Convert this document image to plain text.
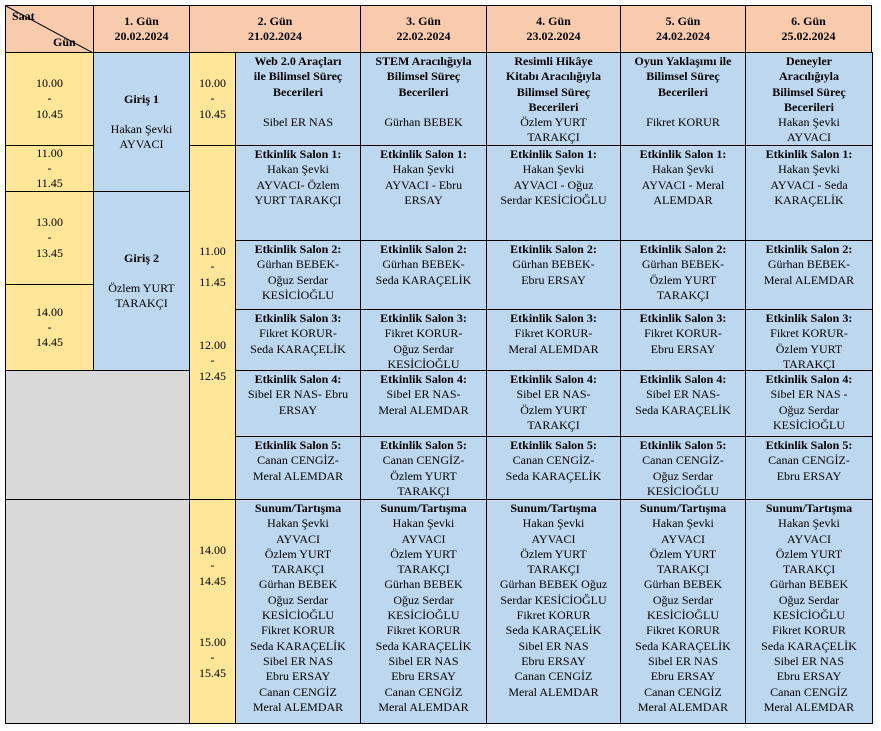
Saat
Gün
1. Gün
20.02.2024
2. Gün
21.02.2024
3. Gün
22.02.2024
4. Gün
23.02.2024
5. Gün
24.02.2024
6. Gün
25.02.2024
10.00
-
10.45
11.00
-
11.45
13.00
-
13.45
14.00
-
14.45
Giriş 1
Hakan Şevki
AYVACI
Giriş 2
Özlem YURT
TARAKÇI
10.00
-
10.45
11.00
-
11.45
12.00
-
12.45
14.00
-
14.45
15.00
-
15.45
Web 2.0 Araçları
ile Bilimsel Süreç
Becerileri
Sibel ER NAS
Etkinlik Salon 1:
Hakan Şevki
AYVACI- Özlem
YURT TARAKÇI
Etkinlik Salon 2:
Gürhan BEBEK-
Oğuz Serdar
KESİCİOĞLU
Etkinlik Salon 3:
Fikret KORUR-
Seda KARAÇELİK
Etkinlik Salon 4:
Sibel ER NAS- Ebru
ERSAY
Etkinlik Salon 5:
Canan CENGİZ-
Meral ALEMDAR
Sunum/Tartışma
Hakan Şevki
AYVACI
Özlem YURT
TARAKÇI
Gürhan BEBEK
Oğuz Serdar
KESİCİOĞLU
Fikret KORUR
Seda KARAÇELİK
Sibel ER NAS
Ebru ERSAY
Canan CENGİZ
Meral ALEMDAR
STEM Aracılığıyla
Bilimsel Süreç
Becerileri
Gürhan BEBEK
Etkinlik Salon 1:
Hakan Şevki
AYVACI - Ebru
ERSAY
Etkinlik Salon 2:
Gürhan BEBEK-
Seda KARAÇELİK
Etkinlik Salon 3:
Fikret KORUR-
Oğuz Serdar
KESİCİOĞLU
Etkinlik Salon 4:
Sibel ER NAS-
Meral ALEMDAR
Etkinlik Salon 5:
Canan CENGİZ-
Özlem YURT
TARAKÇI
Sunum/Tartışma
Hakan Şevki
AYVACI
Özlem YURT
TARAKÇI
Gürhan BEBEK
Oğuz Serdar
KESİCİOĞLU
Fikret KORUR
Seda KARAÇELİK
Sibel ER NAS
Ebru ERSAY
Canan CENGİZ
Meral ALEMDAR
Resimli Hikâye
Kitabı Aracılığıyla
Bilimsel Süreç
Becerileri
Özlem YURT
TARAKÇI
Etkinlik Salon 1:
Hakan Şevki
AYVACI - Oğuz
Serdar KESİCİOĞLU
Etkinlik Salon 2:
Gürhan BEBEK-
Ebru ERSAY
Etkinlik Salon 3:
Fikret KORUR-
Meral ALEMDAR
Etkinlik Salon 4:
Sibel ER NAS-
Özlem YURT
TARAKÇI
Etkinlik Salon 5:
Canan CENGİZ-
Seda KARAÇELİK
Sunum/Tartışma
Hakan Şevki
AYVACI
Özlem YURT
TARAKÇI
Gürhan BEBEK Oğuz
Serdar KESİCİOĞLU
Fikret KORUR
Seda KARAÇELİK
Sibel ER NAS
Ebru ERSAY
Canan CENGİZ
Meral ALEMDAR
Oyun Yaklaşımı ile
Bilimsel Süreç
Becerileri
Fikret KORUR
Etkinlik Salon 1:
Hakan Şevki
AYVACI - Meral
ALEMDAR
Etkinlik Salon 2:
Gürhan BEBEK-
Özlem YURT
TARAKÇI
Etkinlik Salon 3:
Fikret KORUR-
Ebru ERSAY
Etkinlik Salon 4:
Sibel ER NAS-
Seda KARAÇELİK
Etkinlik Salon 5:
Canan CENGİZ-
Oğuz Serdar
KESİCİOĞLU
Sunum/Tartışma
Hakan Şevki
AYVACI
Özlem YURT
TARAKÇI
Gürhan BEBEK
Oğuz Serdar
KESİCİOĞLU
Fikret KORUR
Seda KARAÇELİK
Sibel ER NAS
Ebru ERSAY
Canan CENGİZ
Meral ALEMDAR
Deneyler
Aracılığıyla
Bilimsel Süreç
Becerileri
Hakan Şevki
AYVACI
Etkinlik Salon 1:
Hakan Şevki
AYVACI - Seda
KARAÇELİK
Etkinlik Salon 2:
Gürhan BEBEK-
Meral ALEMDAR
Etkinlik Salon 3:
Fikret KORUR-
Özlem YURT
TARAKÇI
Etkinlik Salon 4:
Sibel ER NAS -
Oğuz Serdar
KESİCİOĞLU
Etkinlik Salon 5:
Canan CENGİZ-
Ebru ERSAY
Sunum/Tartışma
Hakan Şevki
AYVACI
Özlem YURT
TARAKÇI
Gürhan BEBEK
Oğuz Serdar
KESİCİOĞLU
Fikret KORUR
Seda KARAÇELİK
Sibel ER NAS
Ebru ERSAY
Canan CENGİZ
Meral ALEMDAR
